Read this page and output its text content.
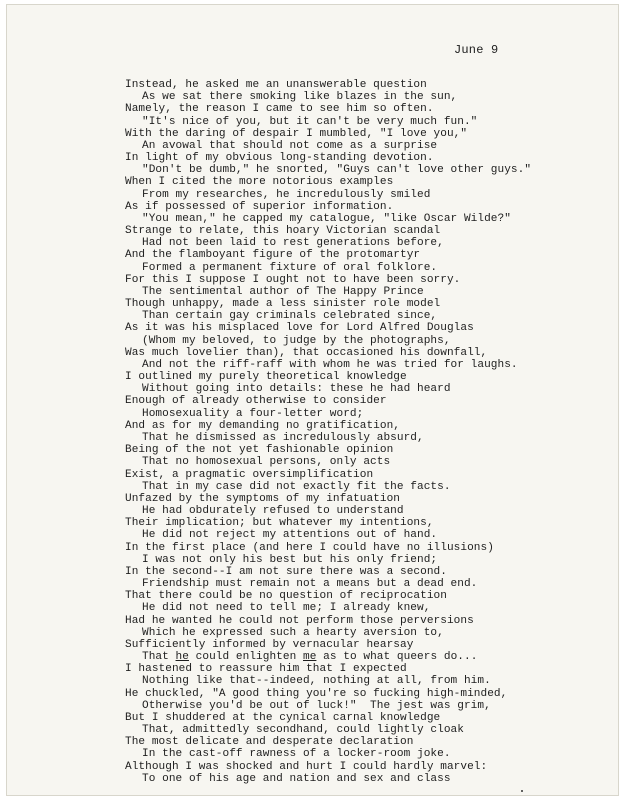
June 9
Instead, he asked me an unanswerable question
As we sat there smoking like blazes in the sun,
Namely, the reason I came to see him so often.
"It's nice of you, but it can't be very much fun."
With the daring of despair I mumbled, "I love you,"
An avowal that should not come as a surprise
In light of my obvious long-standing devotion.
"Don't be dumb," he snorted, "Guys can't love other guys."
When I cited the more notorious examples
From my researches, he incredulously smiled
As if possessed of superior information.
"You mean," he capped my catalogue, "like Oscar Wilde?"
Strange to relate, this hoary Victorian scandal
Had not been laid to rest generations before,
And the flamboyant figure of the protomartyr
Formed a permanent fixture of oral folklore.
For this I suppose I ought not to have been sorry.
The sentimental author of The Happy Prince
Though unhappy, made a less sinister role model
Than certain gay criminals celebrated since,
As it was his misplaced love for Lord Alfred Douglas
(Whom my beloved, to judge by the photographs,
Was much lovelier than), that occasioned his downfall,
And not the riff-raff with whom he was tried for laughs.
I outlined my purely theoretical knowledge
Without going into details: these he had heard
Enough of already otherwise to consider
Homosexuality a four-letter word;
And as for my demanding no gratification,
That he dismissed as incredulously absurd,
Being of the not yet fashionable opinion
That no homosexual persons, only acts
Exist, a pragmatic oversimplification
That in my case did not exactly fit the facts.
Unfazed by the symptoms of my infatuation
He had obdurately refused to understand
Their implication; but whatever my intentions,
He did not reject my attentions out of hand.
In the first place (and here I could have no illusions)
I was not only his best but his only friend;
In the second--I am not sure there was a second.
Friendship must remain not a means but a dead end.
That there could be no question of reciprocation
He did not need to tell me; I already knew,
Had he wanted he could not perform those perversions
Which he expressed such a hearty aversion to,
Sufficiently informed by vernacular hearsay
That he could enlighten me as to what queers do...
I hastened to reassure him that I expected
Nothing like that--indeed, nothing at all, from him.
He chuckled, "A good thing you're so fucking high-minded,
Otherwise you'd be out of luck!"  The jest was grim,
But I shuddered at the cynical carnal knowledge
That, admittedly secondhand, could lightly cloak
The most delicate and desperate declaration
In the cast-off rawness of a locker-room joke.
Although I was shocked and hurt I could hardly marvel:
To one of his age and nation and sex and class
